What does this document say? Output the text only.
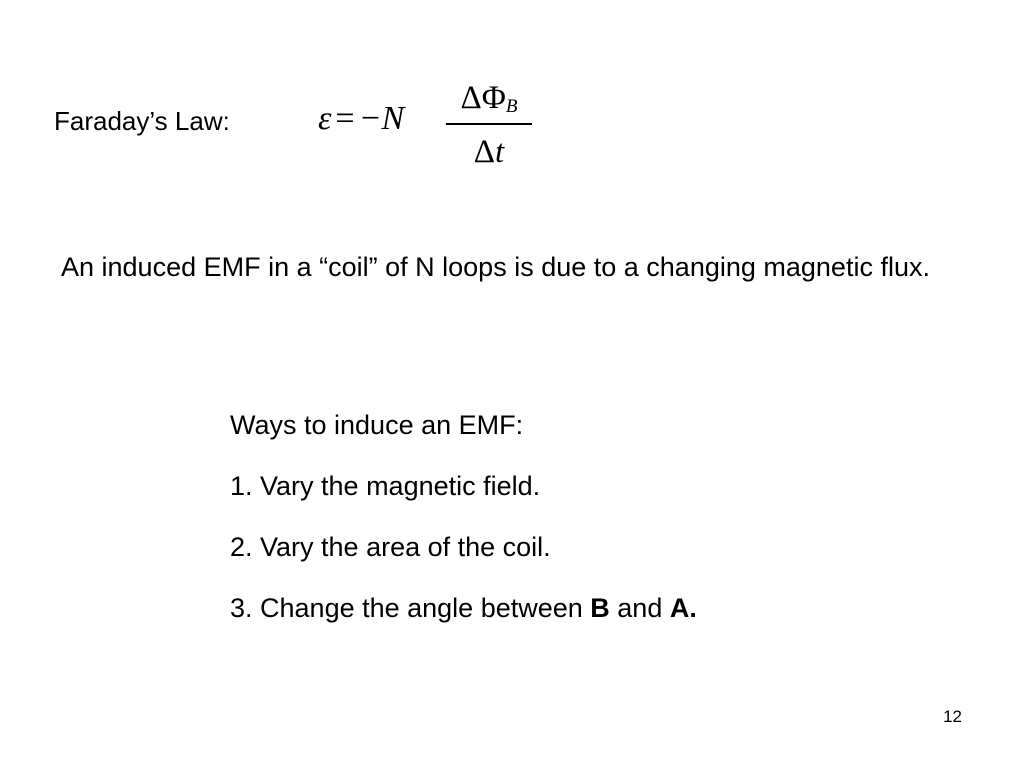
Faraday’s Law:	ε = −N
$\Delta\Phi_B$
Δt
An induced EMF in a “coil” of N loops is due to a changing magnetic flux.
Ways to induce an EMF:
1. Vary the magnetic field.
2. Vary the area of the coil.
3. Change the angle between B and A.
12
